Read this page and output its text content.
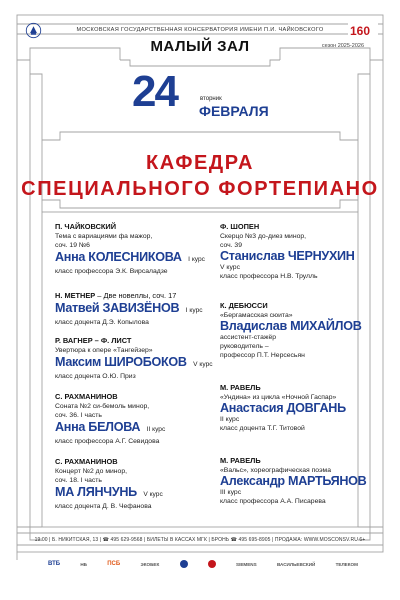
160
МОСКОВСКАЯ ГОСУДАРСТВЕННАЯ КОНСЕРВАТОРИЯ ИМЕНИ П.И. ЧАЙКОВСКОГО
МАЛЫЙ ЗАЛ	сезон 2025-2026
24	вторник
ФЕВРАЛЯ
КАФЕДРА
СПЕЦИАЛЬНОГО ФОРТЕПИАНО
П. ЧАЙКОВСКИЙ
Тема с вариациями фа мажор,
соч. 19 №6
Анна КОЛЕСНИКОВА I курс
класс профессора Э.К. Вирсаладзе
Н. МЕТНЕР – Две новеллы, соч. 17
Матвей ЗАВИЗЁНОВ I курс
класс доцента Д.Э. Копылова
Р. ВАГНЕР – Ф. ЛИСТ
Увертюра к опере «Тангейзер»
Максим ШИРОБОКОВ V курс
класс доцента О.Ю. Приз
С. РАХМАНИНОВ
Соната №2 си-бемоль минор,
соч. 36. I часть
Анна БЕЛОВА II курс
класс профессора А.Г. Севидова
С. РАХМАНИНОВ
Концерт №2 до минор,
соч. 18. I часть
МА ЛЯНЧУНЬ V курс
класс доцента Д. В. Чефанова
Ф. ШОПЕН
Скерцо №3 до-диез минор,
соч. 39
Станислав ЧЕРНУХИН
V курс
класс профессора Н.В. Трулль
К. ДЕБЮССИ
«Бергамасская сюита»
Владислав МИХАЙЛОВ
ассистент-стажёр
руководитель –
профессор П.Т. Нерсесьян
М. РАВЕЛЬ
«Ундина» из цикла «Ночной Гаспар»
Анастасия ДОВГАНЬ
II курс
класс доцента Т.Г. Титовой
М. РАВЕЛЬ
«Вальс», хореографическая поэма
Александр МАРТЬЯНОВ
III курс
класс профессора А.А. Писарева
19:00 | Б. НИКИТСКАЯ, 13 | ☎ 495 629-9568 | БИЛЕТЫ В КАССАХ МГК | БРОНЬ ☎ 495 695-8905 | ПРОДАЖА: WWW.MOSCONSV.RU 6+
ВТБ	НБ	ПСБ	ЭКОБЕК	SIEMENS	ВАСИЛЬЕВСКИЙ	ТЕЛЕКОМ
